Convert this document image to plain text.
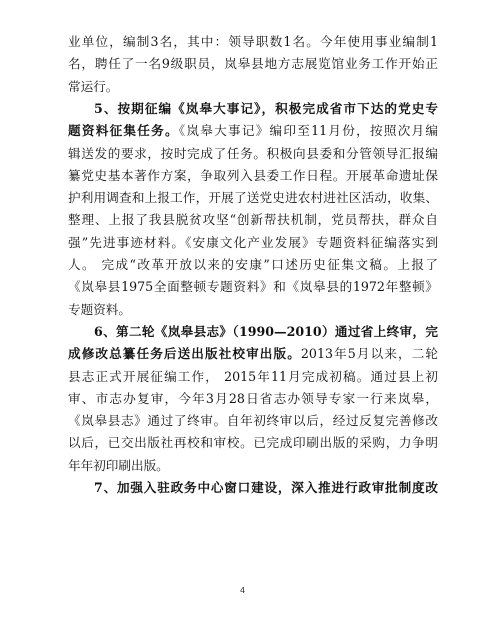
业单位，编制3名，其中：领导职数1名。今年使用事业编制1
名，聘任了一名9级职员，岚皋县地方志展览馆业务工作开始正
常运行。
5、按期征编《岚皋大事记》，积极完成省市下达的党史专
题资料征集任务。《岚皋大事记》编印至11月份，按照次月编
辑送发的要求，按时完成了任务。积极向县委和分管领导汇报编
纂党史基本著作方案，争取列入县委工作日程。开展革命遗址保
护利用调查和上报工作，开展了送党史进农村进社区活动，收集、
整理、上报了我县脱贫攻坚“创新帮扶机制，党员帮扶，群众自
强”先进事迹材料。《安康文化产业发展》专题资料征编落实到
人。 完成“改革开放以来的安康”口述历史征集文稿。上报了
《岚皋县1975全面整顿专题资料》和《岚皋县的1972年整顿》
专题资料。
6、第二轮《岚皋县志》（1990—2010）通过省上终审，完
成修改总纂任务后送出版社校审出版。2013年5月以来，二轮
县志正式开展征编工作， 2015年11月完成初稿。通过县上初
审、市志办复审，今年3月28日省志办领导专家一行来岚皋，
《岚皋县志》通过了终审。自年初终审以后，经过反复完善修改
以后，已交出版社再校和审校。已完成印刷出版的采购，力争明
年年初印刷出版。
7、加强入驻政务中心窗口建设，深入推进行政审批制度改
4
